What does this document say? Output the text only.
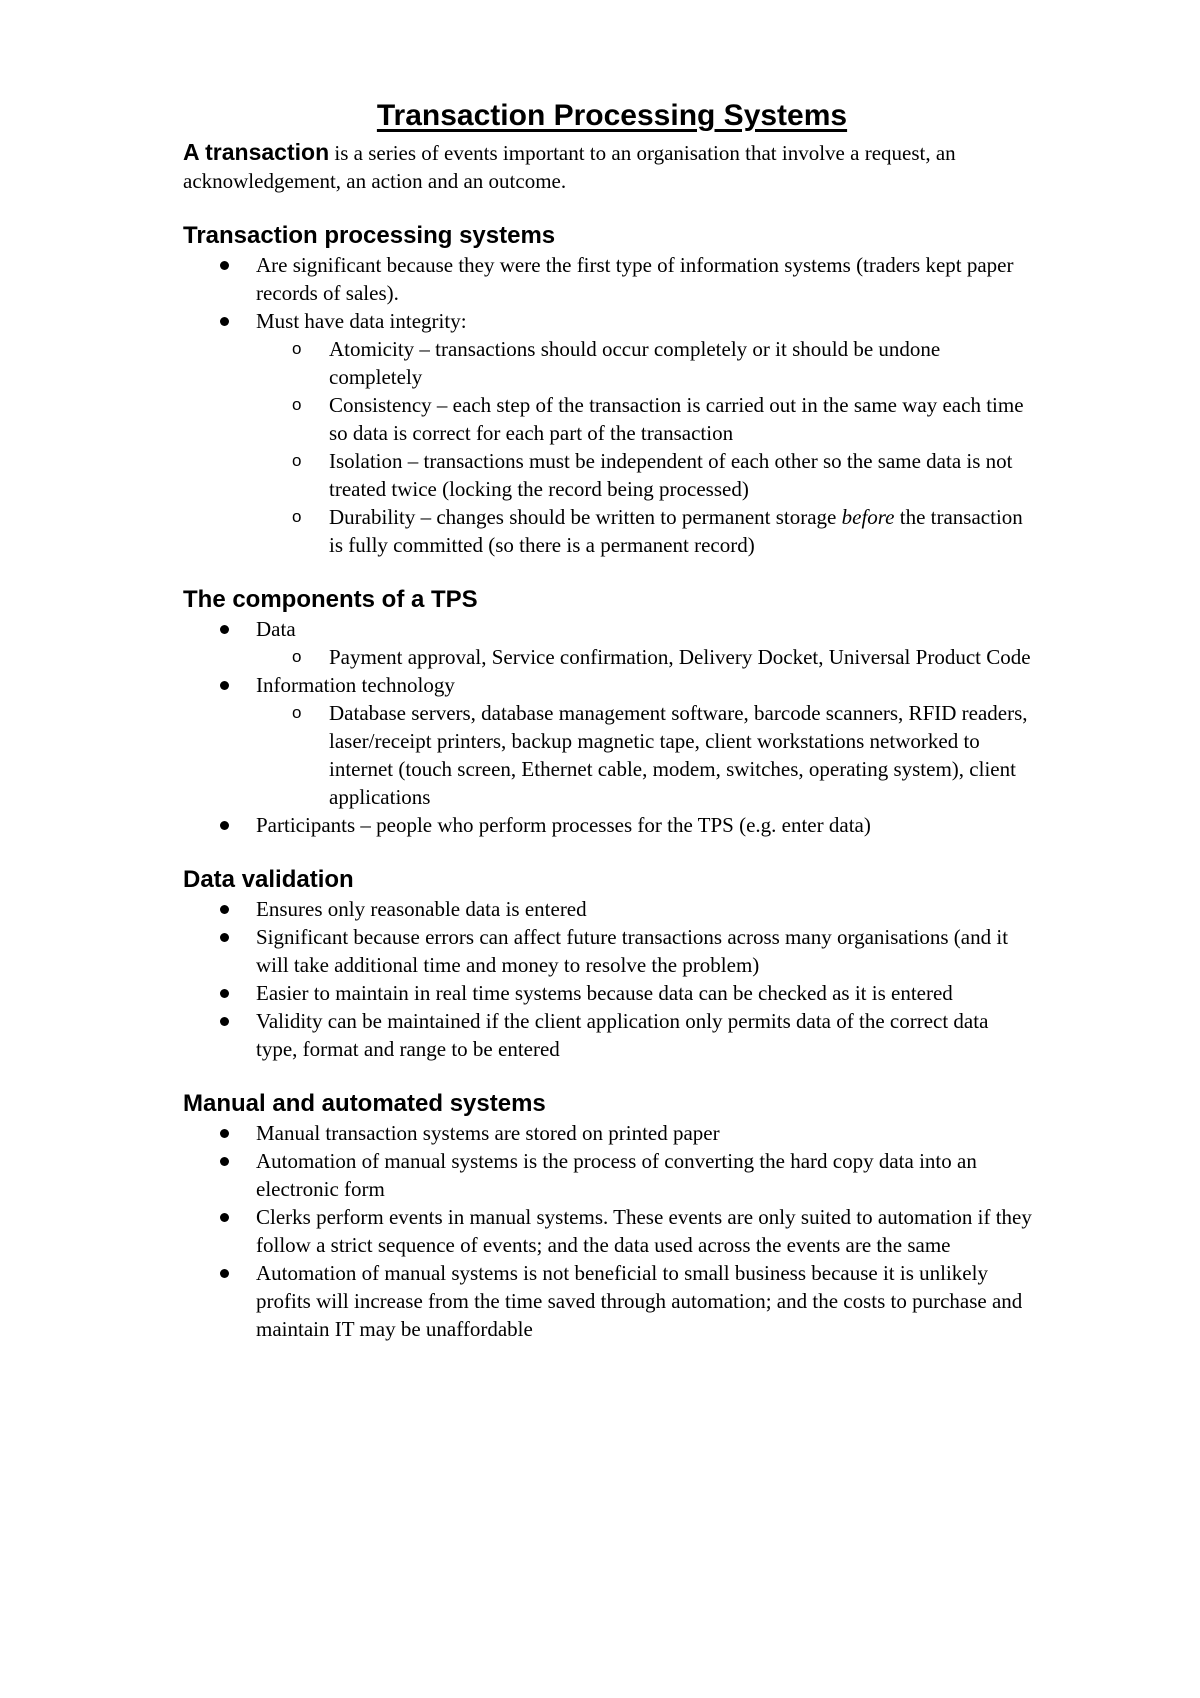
Transaction Processing Systems

A transaction is a series of events important to an organisation that involve a request, an acknowledgement, an action and an outcome.

Transaction processing systems
Are significant because they were the first type of information systems (traders kept paper records of sales).
Must have data integrity:
o Atomicity – transactions should occur completely or it should be undone completely
o Consistency – each step of the transaction is carried out in the same way each time so data is correct for each part of the transaction
o Isolation – transactions must be independent of each other so the same data is not treated twice (locking the record being processed)
o Durability – changes should be written to permanent storage before the transaction is fully committed (so there is a permanent record)
The components of a TPS
Data
o Payment approval, Service confirmation, Delivery Docket, Universal Product Code
Information technology
o Database servers, database management software, barcode scanners, RFID readers, laser/receipt printers, backup magnetic tape, client workstations networked to internet (touch screen, Ethernet cable, modem, switches, operating system), client applications
Participants – people who perform processes for the TPS (e.g. enter data)
Data validation
Ensures only reasonable data is entered
Significant because errors can affect future transactions across many organisations (and it will take additional time and money to resolve the problem)
Easier to maintain in real time systems because data can be checked as it is entered
Validity can be maintained if the client application only permits data of the correct data type, format and range to be entered
Manual and automated systems
Manual transaction systems are stored on printed paper
Automation of manual systems is the process of converting the hard copy data into an electronic form
Clerks perform events in manual systems. These events are only suited to automation if they follow a strict sequence of events; and the data used across the events are the same
Automation of manual systems is not beneficial to small business because it is unlikely profits will increase from the time saved through automation; and the costs to purchase and maintain IT may be unaffordable
